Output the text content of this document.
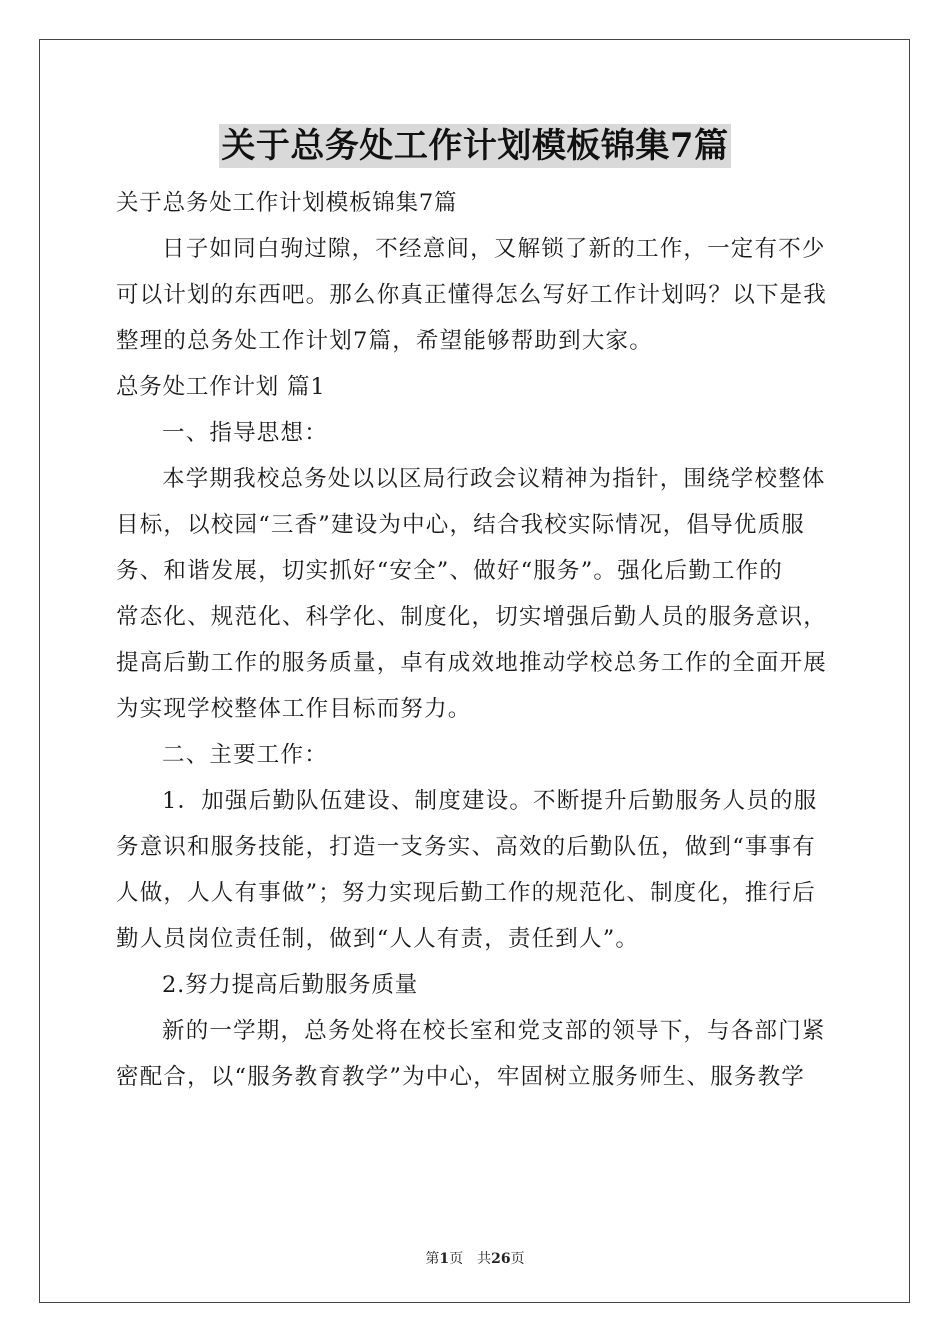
关于总务处工作计划模板锦集7篇

关于总务处工作计划模板锦集7篇

日子如同白驹过隙，不经意间，又解锁了新的工作，一定有不少

可以计划的东西吧。那么你真正懂得怎么写好工作计划吗？以下是我

整理的总务处工作计划7篇，希望能够帮助到大家。

总务处工作计划 篇1

一、指导思想：

本学期我校总务处以以区局行政会议精神为指针，围绕学校整体

目标，以校园“三香”建设为中心，结合我校实际情况，倡导优质服

务、和谐发展，切实抓好“安全”、做好“服务”。强化后勤工作的

常态化、规范化、科学化、制度化，切实增强后勤人员的服务意识，

提高后勤工作的服务质量，卓有成效地推动学校总务工作的全面开展

为实现学校整体工作目标而努力。

二、主要工作：

1．加强后勤队伍建设、制度建设。不断提升后勤服务人员的服

务意识和服务技能，打造一支务实、高效的后勤队伍，做到“事事有

人做，人人有事做”；努力实现后勤工作的规范化、制度化，推行后

勤人员岗位责任制，做到“人人有责，责任到人”。

2.努力提高后勤服务质量

新的一学期，总务处将在校长室和党支部的领导下，与各部门紧

密配合，以“服务教育教学”为中心，牢固树立服务师生、服务教学

第1页　共26页
